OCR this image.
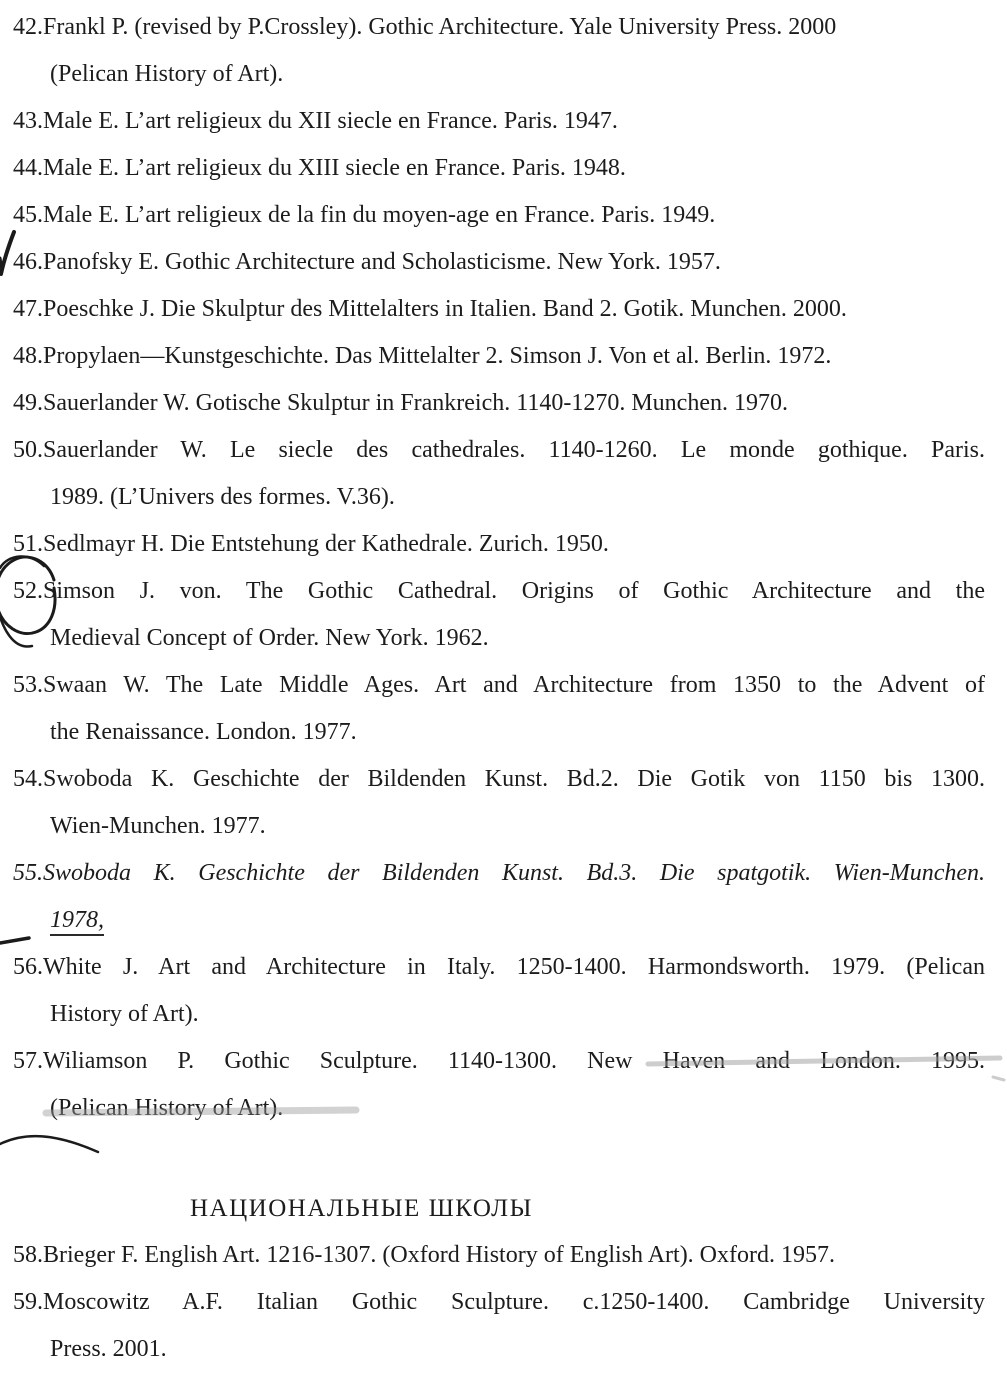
42.Frankl P. (revised by P.Crossley). Gothic Architecture. Yale University Press. 2000
(Pelican History of Art).
43.Male E. L’art religieux du XII siecle en France. Paris. 1947.
44.Male E. L’art religieux du XIII siecle en France. Paris. 1948.
45.Male E. L’art religieux de la fin du moyen-age en France. Paris. 1949.
46.Panofsky E. Gothic Architecture and Scholasticisme. New York. 1957.
47.Poeschke J. Die Skulptur des Mittelalters in Italien. Band 2. Gotik. Munchen. 2000.
48.Propylaen—Kunstgeschichte. Das Mittelalter 2. Simson J. Von et al. Berlin. 1972.
49.Sauerlander W. Gotische Skulptur in Frankreich. 1140-1270. Munchen. 1970.
50.Sauerlander W. Le siecle des cathedrales. 1140-1260. Le monde gothique. Paris.
1989. (L’Univers des formes. V.36).
51.Sedlmayr H. Die Entstehung der Kathedrale. Zurich. 1950.
52.Simson J. von. The Gothic Cathedral. Origins of Gothic Architecture and the
Medieval Concept of Order. New York. 1962.
53.Swaan W. The Late Middle Ages. Art and Architecture from 1350 to the Advent of
the Renaissance. London. 1977.
54.Swoboda K. Geschichte der Bildenden Kunst. Bd.2. Die Gotik von 1150 bis 1300.
Wien-Munchen. 1977.
55.Swoboda K. Geschichte der Bildenden Kunst. Bd.3. Die spatgotik. Wien-Munchen.
1978,
56.White J. Art and Architecture in Italy. 1250-1400. Harmondsworth. 1979. (Pelican
History of Art).
57.Wiliamson P. Gothic Sculpture. 1140-1300. New Haven and London. 1995.
(Pelican History of Art).
НАЦИОНАЛЬНЫЕ ШКОЛЫ
58.Brieger F. English Art. 1216-1307. (Oxford History of English Art). Oxford. 1957.
59.Moscowitz A.F. Italian Gothic Sculpture. c.1250-1400. Cambridge University
Press. 2001.
